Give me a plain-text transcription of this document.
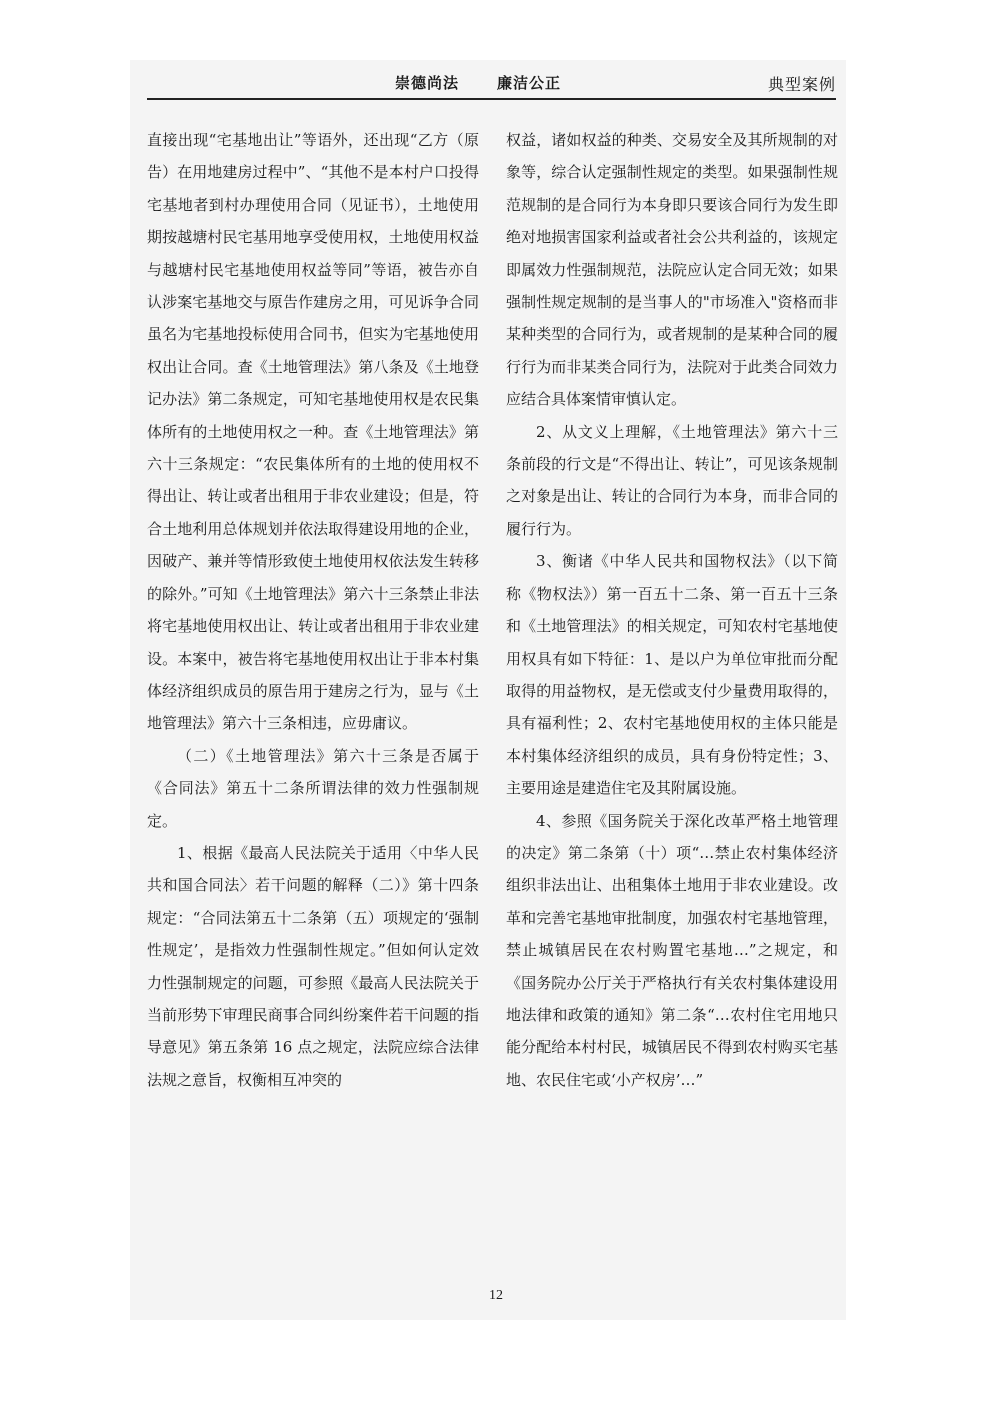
崇德尚法	廉洁公正	典型案例

直接出现“宅基地出让”等语外，还出现“乙方（原告）在用地建房过程中”、“其他不是本村户口投得宅基地者到村办理使用合同（见证书），土地使用期按越塘村民宅基用地享受使用权，土地使用权益与越塘村民宅基地使用权益等同”等语，被告亦自认涉案宅基地交与原告作建房之用，可见诉争合同虽名为宅基地投标使用合同书，但实为宅基地使用权出让合同。查《土地管理法》第八条及《土地登记办法》第二条规定，可知宅基地使用权是农民集体所有的土地使用权之一种。查《土地管理法》第六十三条规定：“农民集体所有的土地的使用权不得出让、转让或者出租用于非农业建设；但是，符合土地利用总体规划并依法取得建设用地的企业，因破产、兼并等情形致使土地使用权依法发生转移的除外。”可知《土地管理法》第六十三条禁止非法将宅基地使用权出让、转让或者出租用于非农业建设。本案中，被告将宅基地使用权出让于非本村集体经济组织成员的原告用于建房之行为，显与《土地管理法》第六十三条相违，应毋庸议。

（二）《土地管理法》第六十三条是否属于《合同法》第五十二条所谓法律的效力性强制规定。

1、根据《最高人民法院关于适用〈中华人民共和国合同法〉若干问题的解释（二）》第十四条规定：“合同法第五十二条第（五）项规定的‘强制性规定’，是指效力性强制性规定。”但如何认定效力性强制规定的问题，可参照《最高人民法院关于当前形势下审理民商事合同纠纷案件若干问题的指导意见》第五条第 16 点之规定，法院应综合法律法规之意旨，权衡相互冲突的

权益，诸如权益的种类、交易安全及其所规制的对象等，综合认定强制性规定的类型。如果强制性规范规制的是合同行为本身即只要该合同行为发生即绝对地损害国家利益或者社会公共利益的，该规定即属效力性强制规范，法院应认定合同无效；如果强制性规定规制的是当事人的"市场准入"资格而非某种类型的合同行为，或者规制的是某种合同的履行行为而非某类合同行为，法院对于此类合同效力应结合具体案情审慎认定。

2、从文义上理解，《土地管理法》第六十三条前段的行文是“不得出让、转让”，可见该条规制之对象是出让、转让的合同行为本身，而非合同的履行行为。

3、衡诸《中华人民共和国物权法》（以下简称《物权法》）第一百五十二条、第一百五十三条和《土地管理法》的相关规定，可知农村宅基地使用权具有如下特征：1、是以户为单位审批而分配取得的用益物权，是无偿或支付少量费用取得的，具有福利性；2、农村宅基地使用权的主体只能是本村集体经济组织的成员，具有身份特定性；3、主要用途是建造住宅及其附属设施。

4、参照《国务院关于深化改革严格土地管理的决定》第二条第（十）项“…禁止农村集体经济组织非法出让、出租集体土地用于非农业建设。改革和完善宅基地审批制度，加强农村宅基地管理，禁止城镇居民在农村购置宅基地…”之规定，和《国务院办公厅关于严格执行有关农村集体建设用地法律和政策的通知》第二条“…农村住宅用地只能分配给本村村民，城镇居民不得到农村购买宅基地、农民住宅或‘小产权房’…”

12
